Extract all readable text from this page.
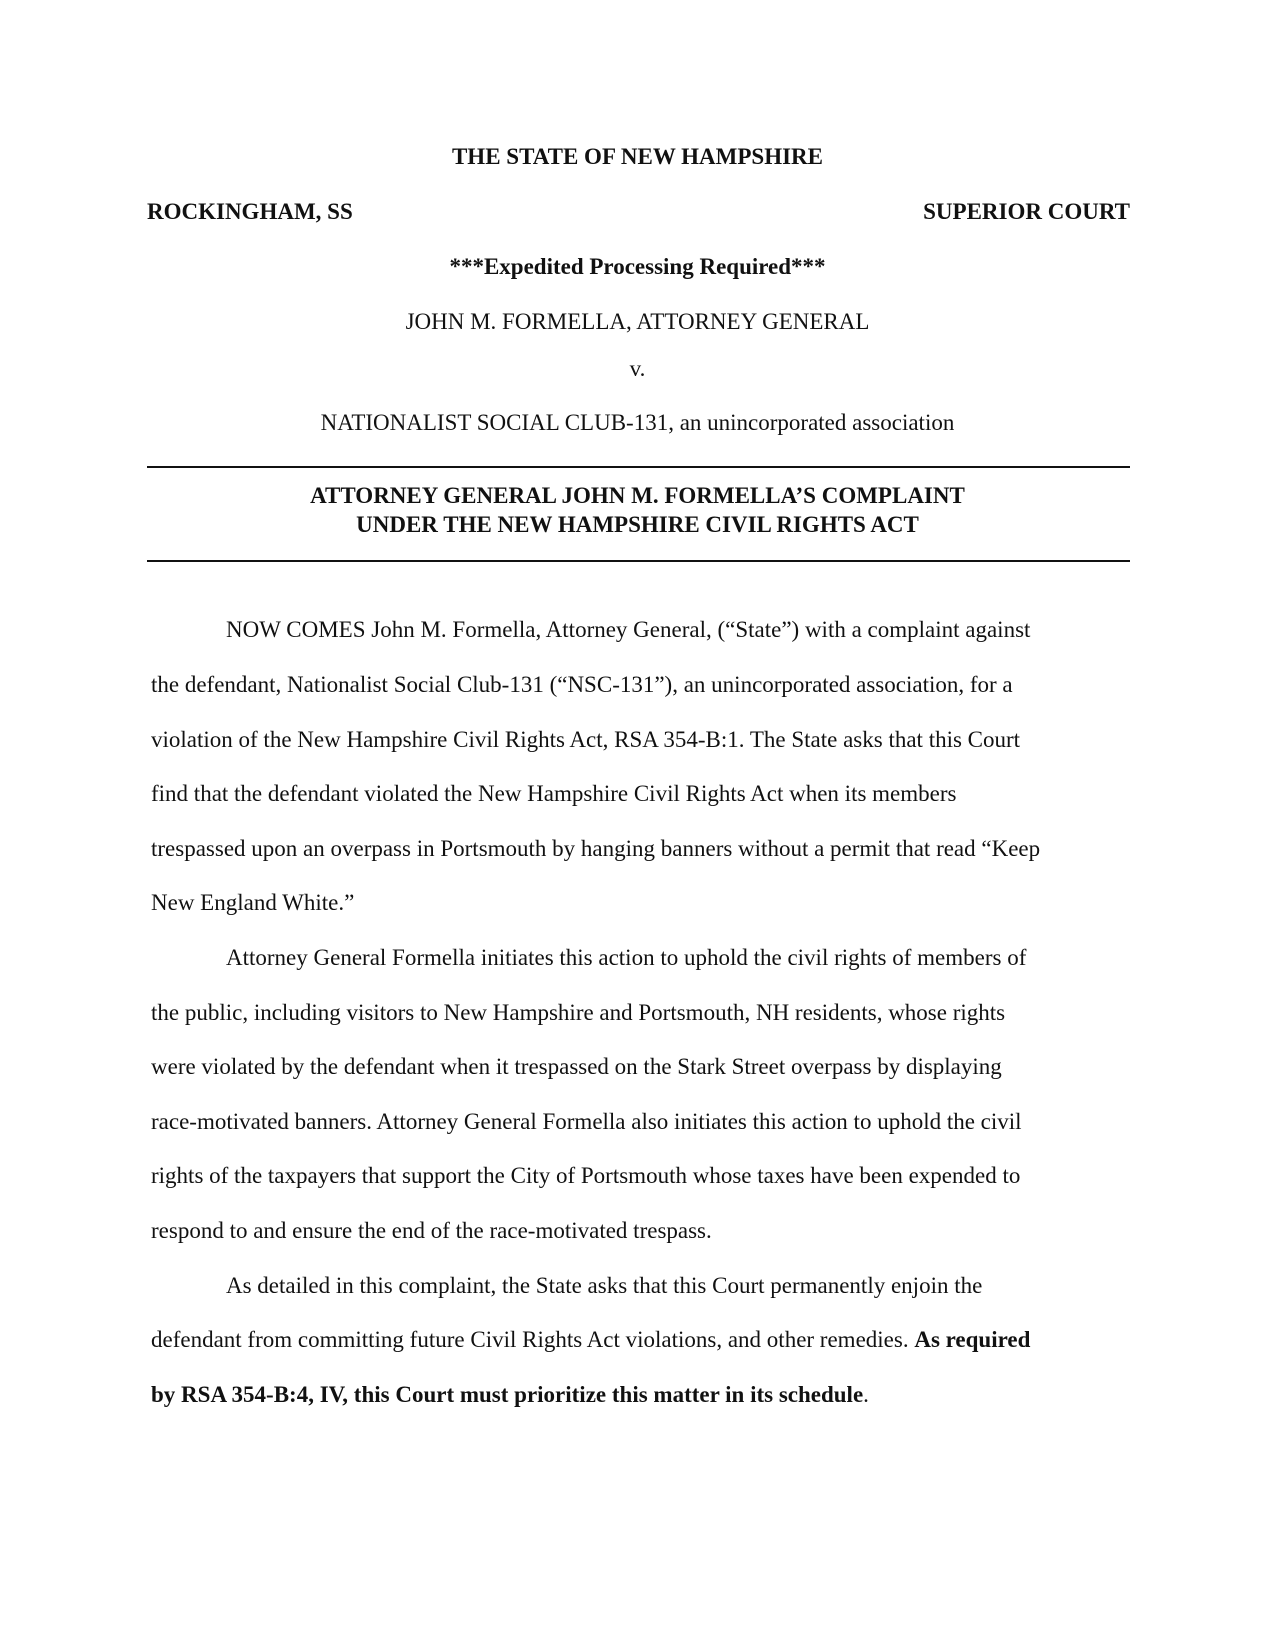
THE STATE OF NEW HAMPSHIRE
ROCKINGHAM, SS	SUPERIOR COURT
***Expedited Processing Required***
JOHN M. FORMELLA, ATTORNEY GENERAL
v.
NATIONALIST SOCIAL CLUB-131, an unincorporated association
ATTORNEY GENERAL JOHN M. FORMELLA’S COMPLAINT
UNDER THE NEW HAMPSHIRE CIVIL RIGHTS ACT
NOW COMES John M. Formella, Attorney General, (“State”) with a complaint against
the defendant, Nationalist Social Club-131 (“NSC-131”), an unincorporated association, for a
violation of the New Hampshire Civil Rights Act, RSA 354-B:1. The State asks that this Court
find that the defendant violated the New Hampshire Civil Rights Act when its members
trespassed upon an overpass in Portsmouth by hanging banners without a permit that read “Keep
New England White.”
Attorney General Formella initiates this action to uphold the civil rights of members of
the public, including visitors to New Hampshire and Portsmouth, NH residents, whose rights
were violated by the defendant when it trespassed on the Stark Street overpass by displaying
race-motivated banners. Attorney General Formella also initiates this action to uphold the civil
rights of the taxpayers that support the City of Portsmouth whose taxes have been expended to
respond to and ensure the end of the race-motivated trespass.
As detailed in this complaint, the State asks that this Court permanently enjoin the
defendant from committing future Civil Rights Act violations, and other remedies. As required
by RSA 354-B:4, IV, this Court must prioritize this matter in its schedule.
